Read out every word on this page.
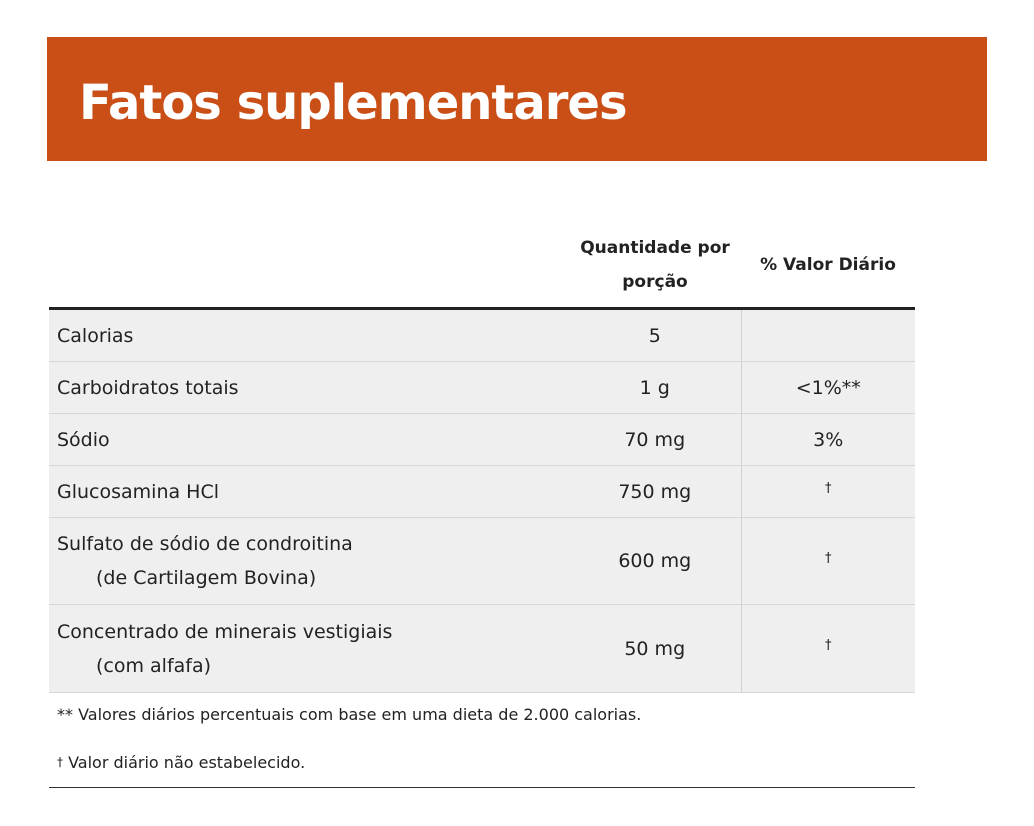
Fatos suplementares
	Quantidade por porção	% Valor Diário
Calorias	5	
Carboidratos totais	1 g	<1%**
Sódio	70 mg	3%
Glucosamina HCl	750 mg	†
Sulfato de sódio de condroitina
(de Cartilagem Bovina)	600 mg	†
Concentrado de minerais vestigiais
(com alfafa)	50 mg	†

** Valores diários percentuais com base em uma dieta de 2.000 calorias.

† Valor diário não estabelecido.
